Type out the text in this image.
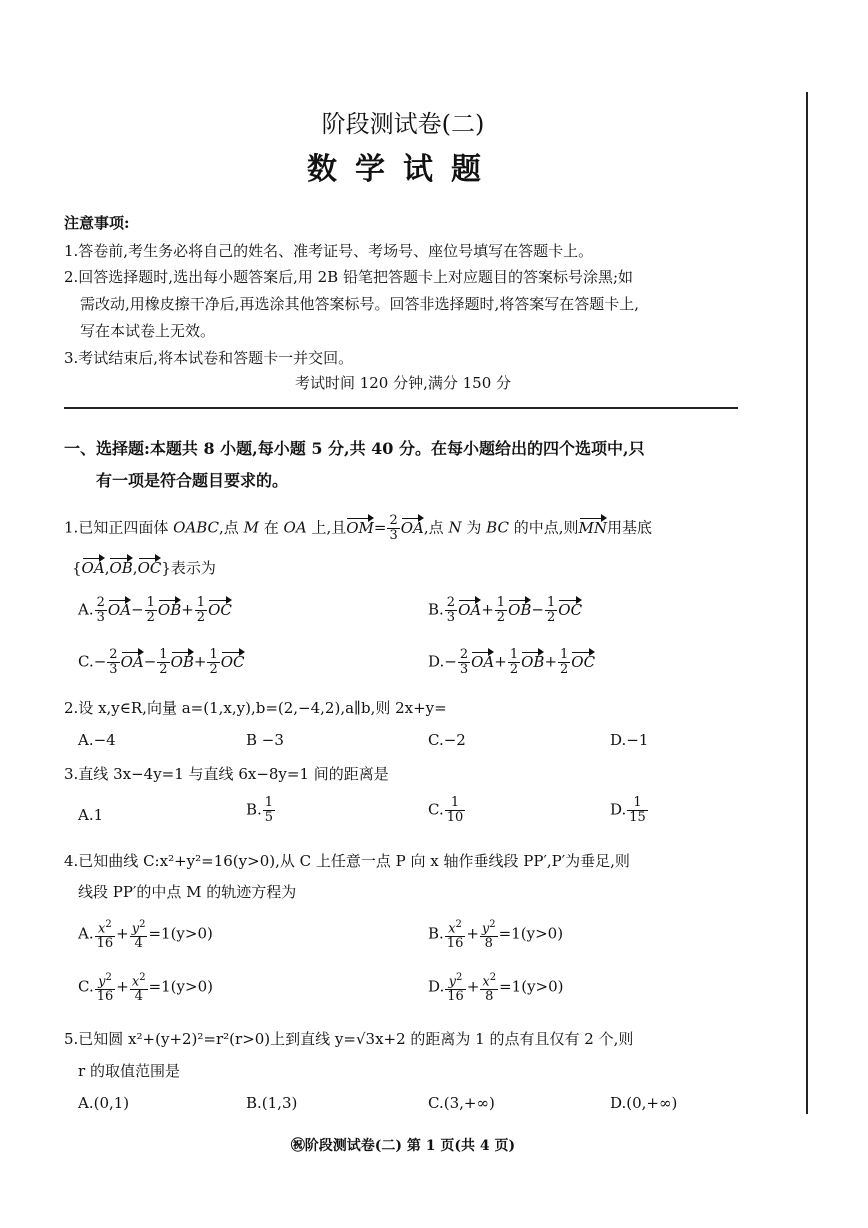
阶段测试卷(二)
数学试题
注意事项:
1.答卷前,考生务必将自己的姓名、准考证号、考场号、座位号填写在答题卡上。
2.回答选择题时,选出每小题答案后,用 2B 铅笔把答题卡上对应题目的答案标号涂黑;如
需改动,用橡皮擦干净后,再选涂其他答案标号。回答非选择题时,将答案写在答题卡上,
写在本试卷上无效。
3.考试结束后,将本试卷和答题卡一并交回。
考试时间 120 分钟,满分 150 分
一、选择题:本题共 8 小题,每小题 5 分,共 40 分。在每小题给出的四个选项中,只
有一项是符合题目要求的。
1.已知正四面体 OABC,点 M 在 OA 上,且$OM= \frac{2}{3}$ OA,点 N 为 BC 的中点,则MN用基底
{OA,OB,OC}表示为
A. $\frac{2}{3} OA- \frac{1}{2} OB+ \frac{1}{2}$ OC	B. $\frac{2}{3} OA+ \frac{1}{2} OB- \frac{1}{2}$ OC
$C.- \frac{2}{3} OA- \frac{1}{2} OB+ \frac{1}{2}$ OC	$D.- \frac{2}{3} OA+ \frac{1}{2} OB+ \frac{1}{2}$ OC
2.设 x,y∈R,向量 a=(1,x,y),b=(2,−4,2),a∥b,则 2x+y=
A.−4	B −3	C.−2	D.−1
3.直线 3x−4y=1 与直线 6x−8y=1 间的距离是
A.1	B. $\frac{1}{5}$	C. $\frac{1}{10}$	D. $\frac{1}{15}$
4.已知曲线 C:x²+y²=16(y>0),从 C 上任意一点 P 向 x 轴作垂线段 PP′,P′为垂足,则
线段 PP′的中点 M 的轨迹方程为
A. $\frac{x^2}{16} + \frac{y^2}{4} =1(y>0)$	B. $\frac{x^2}{16} + \frac{y^2}{8} =1(y>0)$
C. $\frac{y^2}{16} + \frac{x^2}{4} =1(y>0)$	D. $\frac{y^2}{16} + \frac{x^2}{8} =1(y>0)$
5.已知圆 x²+(y+2)²=r²(r>0)上到直线 y=√3x+2 的距离为 1 的点有且仅有 2 个,则
r 的取值范围是
A.(0,1)	B.(1,3)	C.(3,+∞)	D.(0,+∞)
㊗阶段测试卷(二) 第 1 页(共 4 页)
